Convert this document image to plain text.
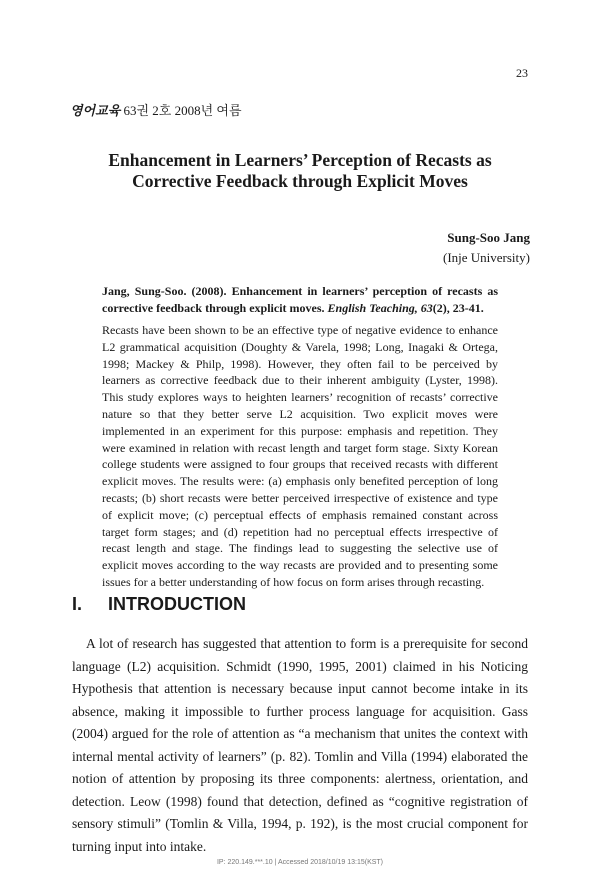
23
영어교육 63권 2호 2008년 여름
Enhancement in Learners’ Perception of Recasts as Corrective Feedback through Explicit Moves
Sung-Soo Jang
(Inje University)

Jang, Sung-Soo. (2008). Enhancement in learners’ perception of recasts as corrective feedback through explicit moves. English Teaching, 63(2), 23-41.

Recasts have been shown to be an effective type of negative evidence to enhance L2 grammatical acquisition (Doughty & Varela, 1998; Long, Inagaki & Ortega, 1998; Mackey & Philp, 1998). However, they often fail to be perceived by learners as corrective feedback due to their inherent ambiguity (Lyster, 1998). This study explores ways to heighten learners’ recognition of recasts’ corrective nature so that they better serve L2 acquisition. Two explicit moves were implemented in an experiment for this purpose: emphasis and repetition. They were examined in relation with recast length and target form stage. Sixty Korean college students were assigned to four groups that received recasts with different explicit moves. The results were: (a) emphasis only benefited perception of long recasts; (b) short recasts were better perceived irrespective of existence and type of explicit move; (c) perceptual effects of emphasis remained constant across target form stages; and (d) repetition had no perceptual effects irrespective of recast length and stage. The findings lead to suggesting the selective use of explicit moves according to the way recasts are provided and to presenting some issues for a better understanding of how focus on form arises through recasting.

I. INTRODUCTION

A lot of research has suggested that attention to form is a prerequisite for second language (L2) acquisition. Schmidt (1990, 1995, 2001) claimed in his Noticing Hypothesis that attention is necessary because input cannot become intake in its absence, making it impossible to further process language for acquisition. Gass (2004) argued for the role of attention as “a mechanism that unites the context with internal mental activity of learners” (p. 82). Tomlin and Villa (1994) elaborated the notion of attention by proposing its three components: alertness, orientation, and detection. Leow (1998) found that detection, defined as “cognitive registration of sensory stimuli” (Tomlin & Villa, 1994, p. 192), is the most crucial component for turning input into intake.

IP: 220.149.***.10 | Accessed 2018/10/19 13:15(KST)
